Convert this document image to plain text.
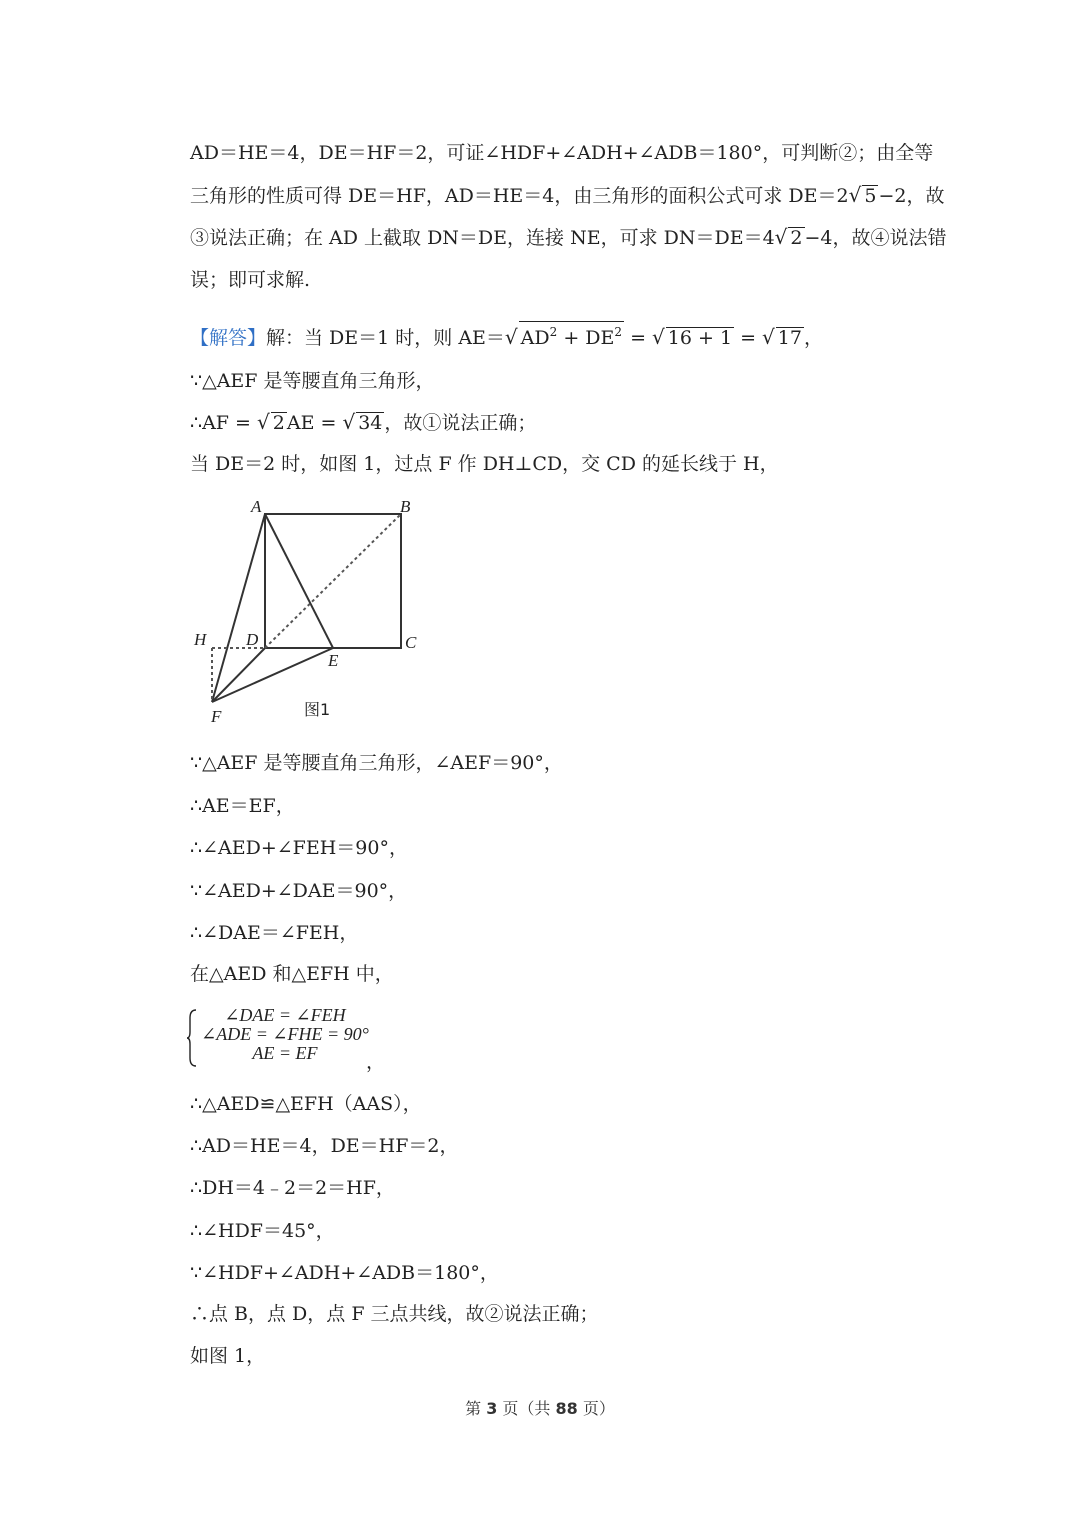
AD＝HE＝4，DE＝HF＝2，可证∠HDF+∠ADH+∠ADB＝180°，可判断②；由全等
三角形的性质可得 DE＝HF，AD＝HE＝4，由三角形的面积公式可求 DE＝2√ 5 −2，故
③说法正确；在 AD 上截取 DN＝DE，连接 NE，可求 DN＝DE＝4√ 2 −4，故④说法错
误；即可求解.
【解答】解：当 DE＝1 时，则 AE＝√ $AD^2 + DE^2$ = √ 16 + 1 = √ 17 ，
∵△AEF 是等腰直角三角形，
∴AF = √ 2 AE = √ 34 ，故①说法正确；
当 DE＝2 时，如图 1，过点 F 作 DH⊥CD，交 CD 的延长线于 H，
A	B
C
D
E
F
H
图1
∵△AEF 是等腰直角三角形，∠AEF＝90°，
∴AE＝EF，
∴∠AED+∠FEH＝90°，
∵∠AED+∠DAE＝90°，
∴∠DAE＝∠FEH，
在△AED 和△EFH 中，
∠DAE = ∠FEH
∠ADE = ∠FHE = 90°
AE = EF	，
∴△AED≌△EFH（AAS），
∴AD＝HE＝4，DE＝HF＝2，
∴DH＝4﹣2＝2＝HF，
∴∠HDF＝45°，
∵∠HDF+∠ADH+∠ADB＝180°，
∴点 B，点 D，点 F 三点共线，故②说法正确；
如图 1，
第 3 页（共 88 页）
